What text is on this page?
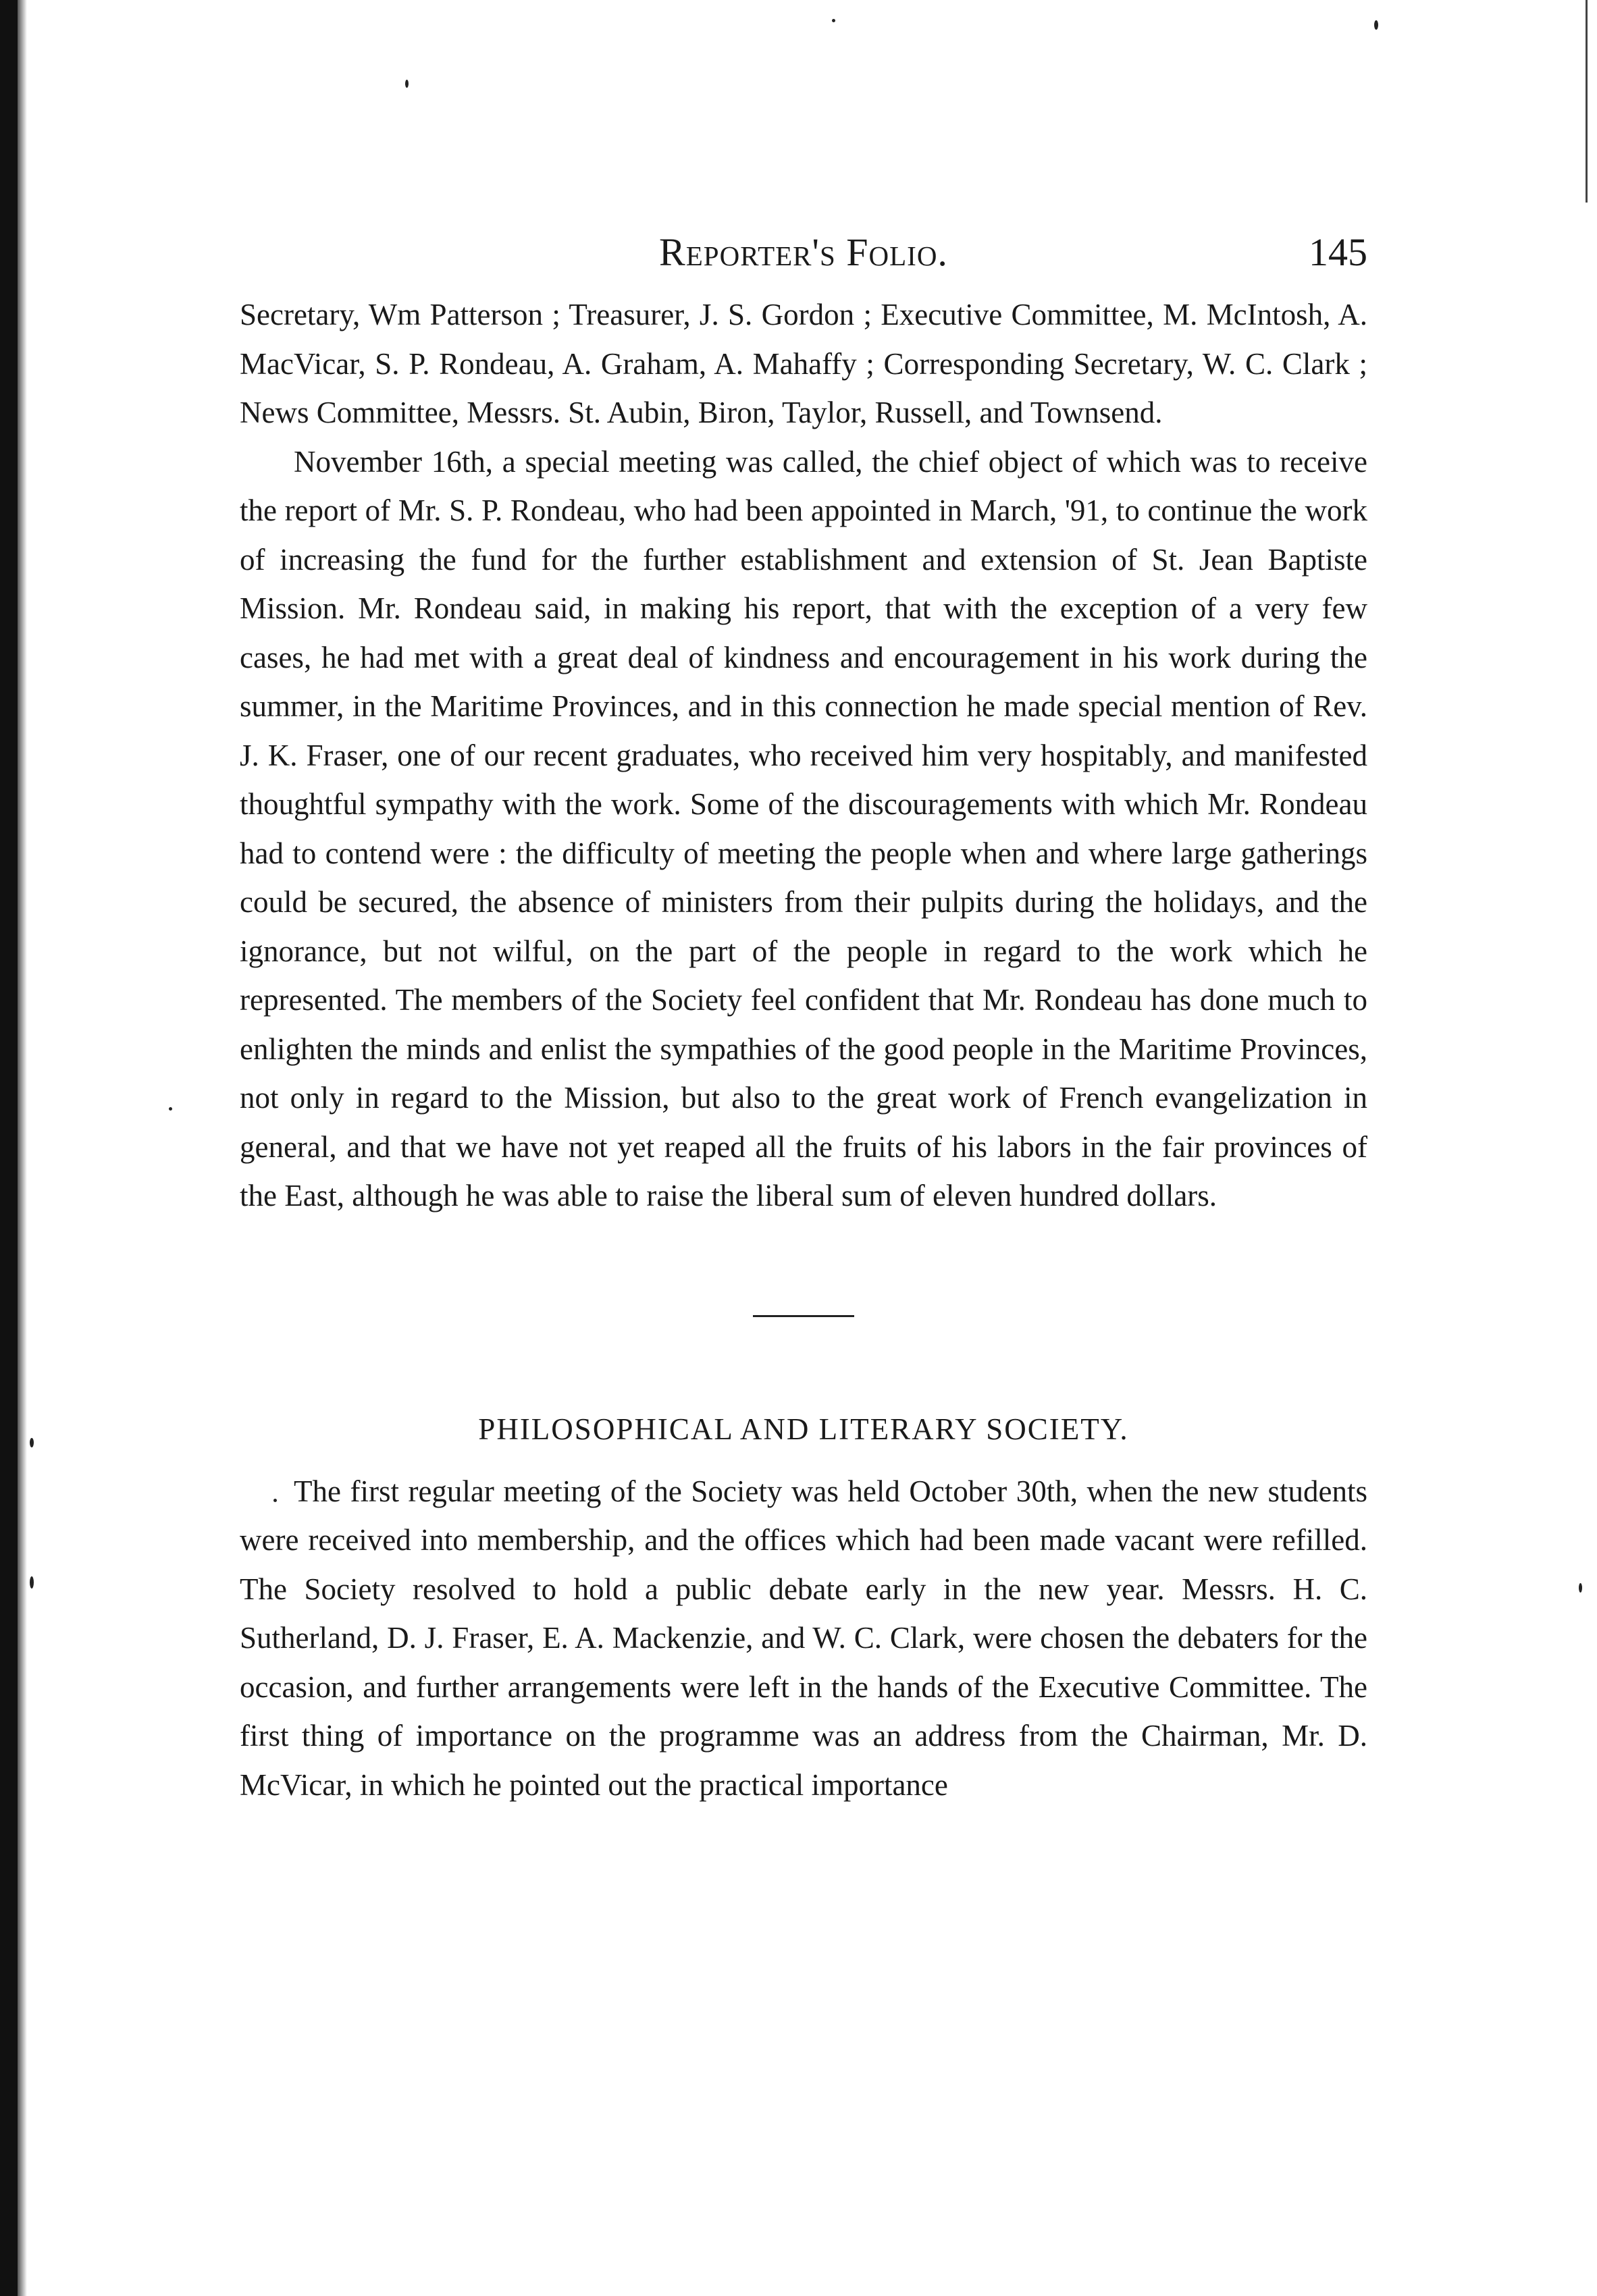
Reporter's Folio.	145

Secretary, Wm Patterson ; Treasurer, J. S. Gordon ; Executive Committee, M. McIntosh, A. MacVicar, S. P. Rondeau, A. Graham, A. Mahaffy ; Corresponding Secretary, W. C. Clark ; News Committee, Messrs. St. Aubin, Biron, Taylor, Russell, and Townsend.

November 16th, a special meeting was called, the chief object of which was to receive the report of Mr. S. P. Rondeau, who had been appointed in March, '91, to continue the work of increasing the fund for the further establishment and extension of St. Jean Baptiste Mission. Mr. Rondeau said, in making his report, that with the exception of a very few cases, he had met with a great deal of kindness and encouragement in his work during the summer, in the Maritime Provinces, and in this connection he made special mention of Rev. J. K. Fraser, one of our recent graduates, who received him very hospitably, and manifested thoughtful sympathy with the work. Some of the discouragements with which Mr. Rondeau had to contend were : the difficulty of meeting the people when and where large gatherings could be secured, the absence of ministers from their pulpits during the holidays, and the ignorance, but not wilful, on the part of the people in regard to the work which he represented. The members of the Society feel confident that Mr. Rondeau has done much to enlighten the minds and enlist the sympathies of the good people in the Maritime Provinces, not only in regard to the Mission, but also to the great work of French evangelization in general, and that we have not yet reaped all the fruits of his labors in the fair provinces of the East, although he was able to raise the liberal sum of eleven hundred dollars.

PHILOSOPHICAL AND LITERARY SOCIETY.

The first regular meeting of the Society was held October 30th, when the new students were received into membership, and the offices which had been made vacant were refilled. The Society resolved to hold a public debate early in the new year. Messrs. H. C. Sutherland, D. J. Fraser, E. A. Mackenzie, and W. C. Clark, were chosen the debaters for the occasion, and further arrangements were left in the hands of the Executive Committee. The first thing of importance on the programme was an address from the Chairman, Mr. D. McVicar, in which he pointed out the practical importance
